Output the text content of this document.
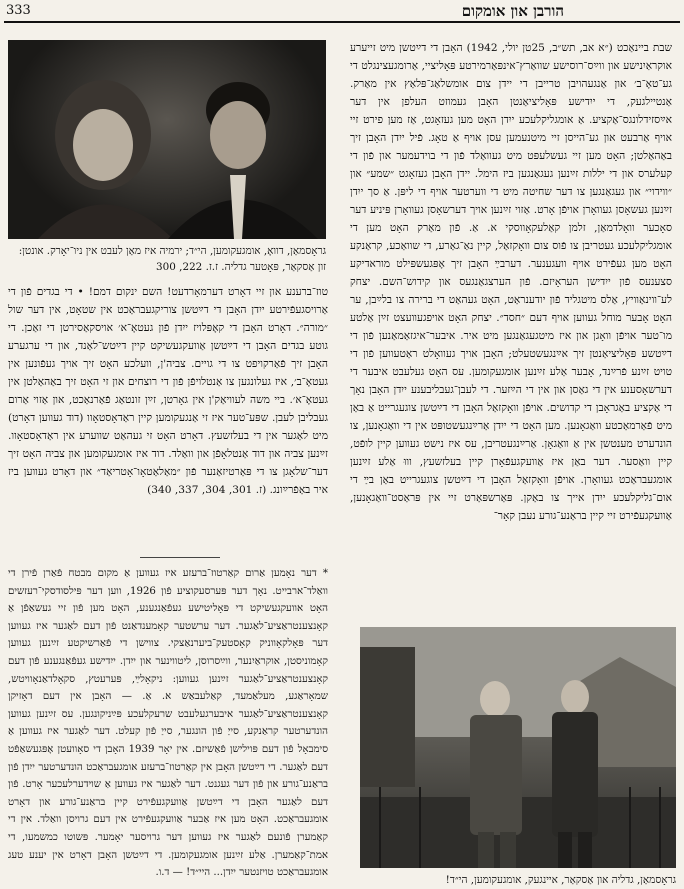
333	הורבן און אומקום
גראָסמאַן, דוואָ, אומגעקומען, הי״ד; ירמיה איז מאַן לעבט אין ניו־יאָרק. אונטן: זון אַסקאַר, פּאָטער גדליה. ז.ז. 222, 300
שבת ביינאַכט (״א אב, תש״ב, 25טן יולי, 1942) האָבן די דײַטשן מיט זייערע אוקראַיִנישע און ווײַס־רוסישע שוואַרץ־אינפּאַרמירטע פּאָליציי, אַרומגעצינגלט די גע־טאָ־ב׳ און אַנגעהויבן טרייבן די יידן צום אומשלאַג־פּלאַץ אין מאַרק. אַנטיילגעק, די ייִדישע פּאָליציאַנטן האָבן געמוזט העלפן אין דער אײַסזידלונגס־אַקציע. אַ אומגליקלעכע ייִדן האָט מען געזאָגט, אַז מען פירט זיי אויף אַרבעט און גע־הייסן זיי מיטנעמען עסן אויף אַ טאָג. פֿיל ייִדן האָבן זיך באַהאַלטן; האָט מען זיי געשלעפּט מיט געוואַלד פֿון די בוידעמער און פֿון די קעלערס און די יללות זײַנען געגאַנגען ביז הימל. יידן האָבן געזאָגט ״שמע״ און ״ווידוי״ און געגאַנגען צו דער שחיטה מיט די ווערטער אויף די ליפּן. אַ סך ייִדן זײַנען געשאָסן געוואָרן אויפֿן אָרט. אַזוי זײַנען אויך דערשאָסן געוואָרן פּיניע דער סאָכער וואָלדמאַן, זלמן קאַלעקאָווסקי א. אַ. פֿון מאַרק האָט מען די אומגליקלעכע געטריבן צו פֿוס צום וואָקזאַל, קיין נאַ־גאַרע, די שוואַכע, קראַנקע האָט מען געפֿירט אויף וועגענער. דערבײַ האָבן זיך אָפּגעשפּילט מוראדיקע סצענעס פֿון ייִדישן העראָיזם. פֿון הערצגאַנגעס און קידוש־השם. יצחק לע־ווינאַוויץ, אַלס מיטגליד פֿון יודענראַט, האָט געהאַט די ברירה צו בלײַבן, ער האָט אָבער מוחל געווען אויף דעם ״חסד״. יצחק האָט אויפגעוועצט זײַן אַלטע מו־טער אויפֿן וואָגן און איז מיטגעגאַנגען מיט איר. איבער־איגזאַמאַנען פֿון די דײַטשע פּאָליציאַנטן זיך אײַנגעשטעלט; האָבן אויך געוואָלט ראַטעווען פֿון די טויט זײַנע פֿרײַנד, אָבער אַלע זײַנען אומגעקומען. עס האָט געלעבט איבער די דערשאָסענע אין די גאַסן און אין די הײַזער. די לעבן־געבליבענע ייִדן האָבן נאָך די אַקציע באַגראָבן די קדושים. אויפֿן וואָקזאַל האָבן די דײַטשן צוגעגרייט אַ באַן מיט פֿאַרמאַכטע וואַגאָנען. מען האָט די ייִדן אַרײַנגעשטופּט אין די וואַגאָנען, צו הונדערט מענטשן אין אַ וואַגאָן. אַרײַנגעטריבן, עס איז נישט געווען קיין לופֿט, קיין וואַסער. דער באַן איז אַוועקגעפֿאָרן קיין בעלזשעץ, וווּ אַלע זײַנען אומגעבראַכט געוואָרן. אויפֿן וואָקזאַל האָבן די דײַטשן צוגעגרייט באַן בײַ די אום־גליקלעכע ייִדן אייך צו באַקן. פּאַרשפּאַרט זיי אין פּראַסט־וואַגאָנען, אַוועקגעפֿירט זיי קיין בראַנע־גורע נעבן קאָר־
טוז־ברענע און זיי דאָרט דערמאָרדעט! השם ינקום דמם! • די בגדים פֿון די אַרויסגעפֿירטע ייִדן האָבן די דײַטשן צוריקגעבראַכט אין שטאָט, אין דער שול ״מורה״. דאָרט האָבן די קאָפּלויז ייִדן פֿון געטאָ־א׳ אויסקאַסירטן די זאַכן. די גוטע בגדים האָבן די דײַטשן אַוועקגעשיקט קיין דײַטש־לאַנד, און די ערגערע האָבן זיך פֿאַרקויפט צו די גויים. צביה'ן, וועלכע האָט זיך אויך געפֿונען אין געטאָ־ב׳, איז געלונגען צו אַנטלויפֿן פֿון די רוצחים און זי האָט זיך באַהאַלטן אין געטאָ־א׳. ביי משה לעוויאַק'ן אין גאָרטן, זײַן זונטאַג פֿאַרנאַכט, און אַזוי אַרום געבליבן לעבן. שפּע־טער איז זי אַנגעקומען קיין ראַדאָסטאָוו (דוד געווען דאָרט) מיט לאַגער אין די בעלזשעץ. דאָרט האָט זי געהאַט שווערע אין ראַדאָסטאָוו. זײַנען צביה און דוד אַנטלאָפֿן און וואַלד. דוד איז אומגעקומען און צביה האָט זיך דער־שלאָגן צו די פּאַרטיזאַנער פֿון ״מאַלאַטאָו־אָטריאַד״ און דאָרט געווען ביז איר באַפֿרײַונג. (ז. 301, 304, 337, 340)
* דער נאָמען אַרום קאַרטוז־ברעזע איז געווען אַ מקום מבטח פֿאַרן פֿירן די וואַלד־ארבייט. נאָך דער פּערסעקוציע פֿון 1926, ווען דער פּילסודסקי־רעזשים האָט אוועקגעשיקט די פּאָליטישע געפֿאַנגענע, האָט מען פֿון זיי געשאַפֿן אַ קאָנצענטראַציע־לאַגער. דער ערשטער קאָמענדאַנט פֿון דעם לאַגער איז געווען דער פּאָלקאָווניק קאָסטעק־ביערנאַצקי. צווישן די פֿאַרשיקטע זײַנען געווען קאָמוניסטן, אוקראַיִנער, ווײַסרוסן, ליטווינער און ייִדן. ייִדישע געפֿאַנגענע פֿון דעם קאָנצענטראַציע־לאַגער זײַנען געווען: ניקאָלײַ, פּערעטץ, סקאָלדאַנאָוויטש, שמאָראַגע, מעלאַמעד, קאַלעבאַש א. אַ. — האָבן אין דעם דאָזיקן קאָנצענטראַציע־לאַגער איבערגעלעבט שרעקלעכע פּײַניקונגען. עס זײַנען געווען הונדערטער קראַנקע, סייַ פֿון הונגער, סייַ פֿון קעלט. דער לאַגער איז געווען אַ סימבאָל פֿון דעם פּוילישן פֿאַשיזם. אין יאָר 1939 האָבן די סאָוועטן אָפּגעשאַפֿט דעם לאַגער. די דײַטשן האָבן אין קאַרטוז־ברעזע אומגעבראַכט הונדערטער ייִדן פֿון בראַנע־גורע און פֿון דער געגנט. דער לאַגער איז געווען אַ שוידערלעכער אָרט. פֿון דעם לאַגער האָבן די דײַטשן אַוועקגעפֿירט קיין בראַנע־גורע און דאָרט אומגעבראַכט. האָט מען איז אַבער אַוועקגעפֿירט אין דעם גרויסן וואַלד. אין די קאַמערן פֿונעם לאַגער איז געווען דער גרויסער יאָמער. פּשוטו כמשמעו, די אמת־קאַמערן. אַלע זײַנען אומגעקומען. די דײַטשן האָבן דאָרט אין יענע טעג אומגעבראַכט טויזנטער ייִדן... היי״ד! — ד.ו.
גראָסמאַן, גדליה און אַסקאַר, איינגעק, אומגעקומען, הי״ד!
